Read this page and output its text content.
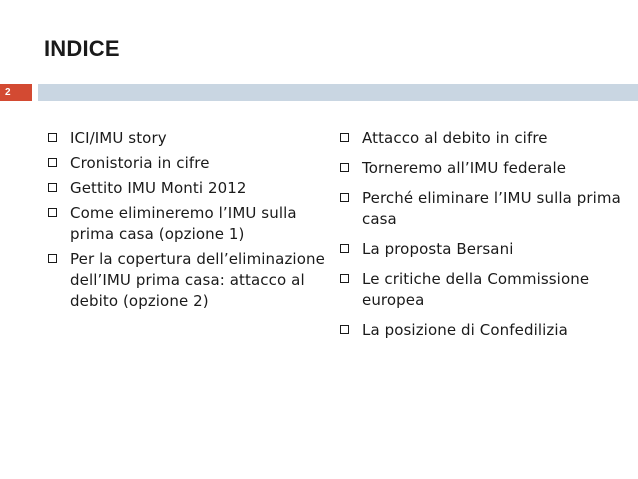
INDICE
2
ICI/IMU story
Cronistoria in cifre
Gettito IMU Monti 2012
Come elimineremo l’IMU sulla prima casa (opzione 1)
Per la copertura dell’eliminazione dell’IMU prima casa: attacco al debito (opzione 2)
Attacco al debito in cifre
Torneremo all’IMU federale
Perché eliminare l’IMU sulla prima casa
La proposta Bersani
Le critiche della Commissione europea
La posizione di Confedilizia
